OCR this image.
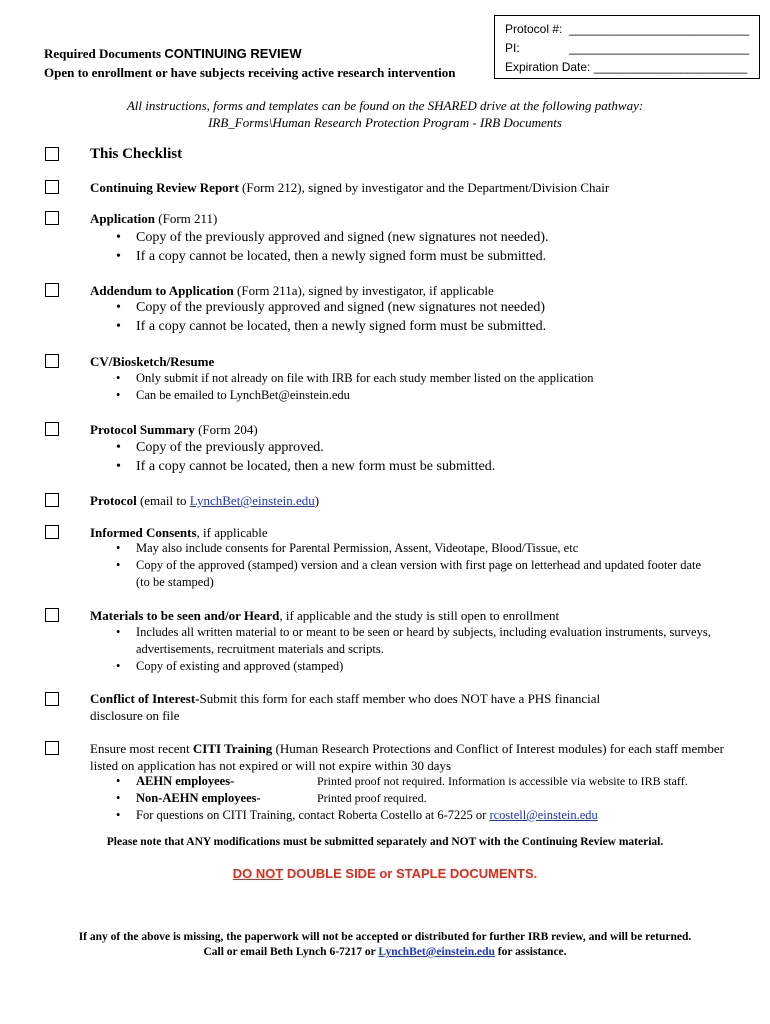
Protocol #: ___________________________
PI:	___________________________
Expiration Date: _______________________
Required Documents CONTINUING REVIEW
Open to enrollment or have subjects receiving active research intervention
All instructions, forms and templates can be found on the SHARED drive at the following pathway:
IRB_Forms\Human Research Protection Program - IRB Documents
This Checklist
Continuing Review Report (Form 212), signed by investigator and the Department/Division Chair
Application (Form 211)
• Copy of the previously approved and signed (new signatures not needed).
• If a copy cannot be located, then a newly signed form must be submitted.
Addendum to Application (Form 211a), signed by investigator, if applicable
• Copy of the previously approved and signed (new signatures not needed)
• If a copy cannot be located, then a newly signed form must be submitted.
CV/Biosketch/Resume
• Only submit if not already on file with IRB for each study member listed on the application
• Can be emailed to LynchBet@einstein.edu
Protocol Summary (Form 204)
• Copy of the previously approved.
• If a copy cannot be located, then a new form must be submitted.
Protocol (email to LynchBet@einstein.edu)
Informed Consents, if applicable
• May also include consents for Parental Permission, Assent, Videotape, Blood/Tissue, etc
• Copy of the approved (stamped) version and a clean version with first page on letterhead and updated footer date (to be stamped)
Materials to be seen and/or Heard, if applicable and the study is still open to enrollment
• Includes all written material to or meant to be seen or heard by subjects, including evaluation instruments, surveys, advertisements, recruitment materials and scripts.
• Copy of existing and approved (stamped)
Conflict of Interest-Submit this form for each staff member who does NOT have a PHS financial disclosure on file
Ensure most recent CITI Training (Human Research Protections and Conflict of Interest modules) for each staff member listed on application has not expired or will not expire within 30 days
• AEHN employees-	Printed proof not required. Information is accessible via website to IRB staff.
• Non-AEHN employees-	Printed proof required.
• For questions on CITI Training, contact Roberta Costello at 6-7225 or rcostell@einstein.edu
Please note that ANY modifications must be submitted separately and NOT with the Continuing Review material.
DO NOT DOUBLE SIDE or STAPLE DOCUMENTS.
If any of the above is missing, the paperwork will not be accepted or distributed for further IRB review, and will be returned.
Call or email Beth Lynch 6-7217 or LynchBet@einstein.edu for assistance.
